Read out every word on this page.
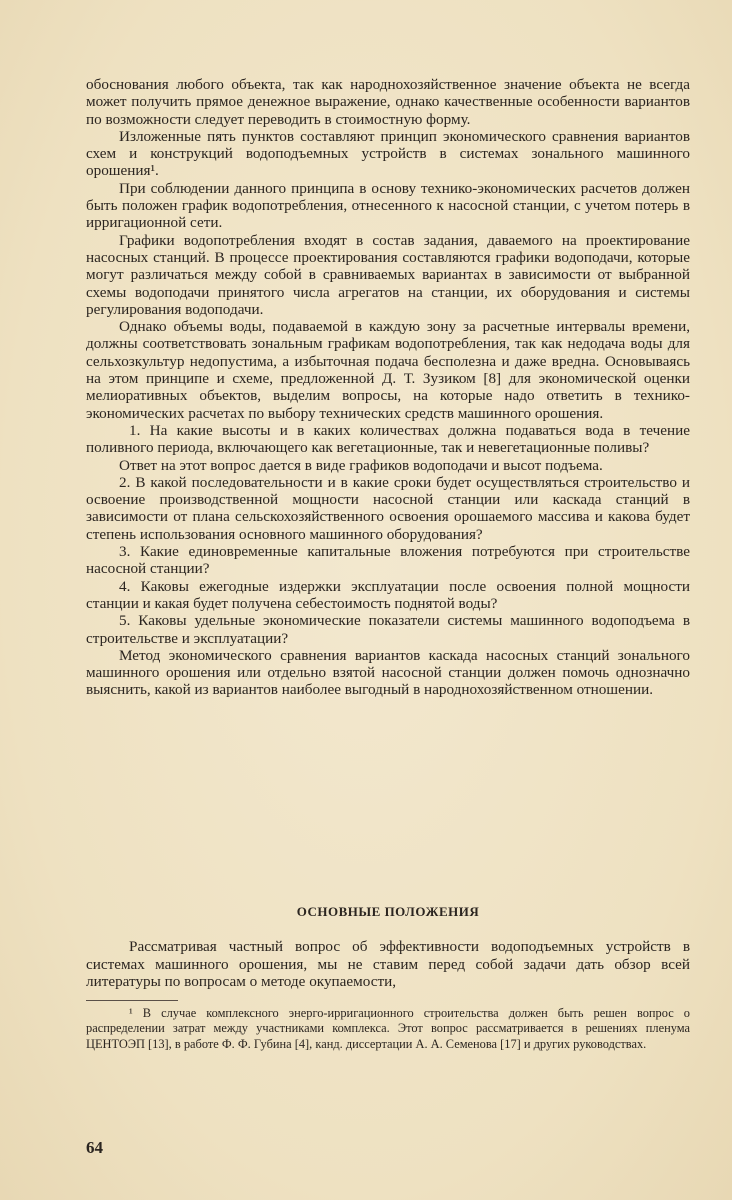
обоснования любого объекта, так как народнохозяйственное значение объекта не всегда может получить прямое денежное выражение, однако качественные особенности вариантов по возможности следует переводить в стоимостную форму.

Изложенные пять пунктов составляют принцип экономического сравнения вариантов схем и конструкций водоподъемных устройств в системах зонального машинного орошения¹.

При соблюдении данного принципа в основу технико-экономических расчетов должен быть положен график водопотребления, отнесенного к насосной станции, с учетом потерь в ирригационной сети.

Графики водопотребления входят в состав задания, даваемого на проектирование насосных станций. В процессе проектирования составляются графики водоподачи, которые могут различаться между собой в сравниваемых вариантах в зависимости от выбранной схемы водоподачи принятого числа агрегатов на станции, их оборудования и системы регулирования водоподачи.

Однако объемы воды, подаваемой в каждую зону за расчетные интервалы времени, должны соответствовать зональным графикам водопотребления, так как недодача воды для сельхозкультур недопустима, а избыточная подача бесполезна и даже вредна. Основываясь на этом принципе и схеме, предложенной Д. Т. Зузиком [8] для экономической оценки мелиоративных объектов, выделим вопросы, на которые надо ответить в технико-экономических расчетах по выбору технических средств машинного орошения.

1. На какие высоты и в каких количествах должна подаваться вода в течение поливного периода, включающего как вегетационные, так и невегетационные поливы?

Ответ на этот вопрос дается в виде графиков водоподачи и высот подъема.

2. В какой последовательности и в какие сроки будет осуществляться строительство и освоение производственной мощности насосной станции или каскада станций в зависимости от плана сельскохозяйственного освоения орошаемого массива и какова будет степень использования основного машинного оборудования?

3. Какие единовременные капитальные вложения потребуются при строительстве насосной станции?

4. Каковы ежегодные издержки эксплуатации после освоения полной мощности станции и какая будет получена себестоимость поднятой воды?

5. Каковы удельные экономические показатели системы машинного водоподъема в строительстве и эксплуатации?

Метод экономического сравнения вариантов каскада насосных станций зонального машинного орошения или отдельно взятой насосной станции должен помочь однозначно выяснить, какой из вариантов наиболее выгодный в народнохозяйственном отношении.

ОСНОВНЫЕ ПОЛОЖЕНИЯ

Рассматривая частный вопрос об эффективности водоподъемных устройств в системах машинного орошения, мы не ставим перед собой задачи дать обзор всей литературы по вопросам о методе окупаемости,

¹ В случае комплексного энерго-ирригационного строительства должен быть решен вопрос о распределении затрат между участниками комплекса. Этот вопрос рассматривается в решениях пленума ЦЕНТОЭП [13], в работе Ф. Ф. Губина [4], канд. диссертации А. А. Семенова [17] и других руководствах.

64
